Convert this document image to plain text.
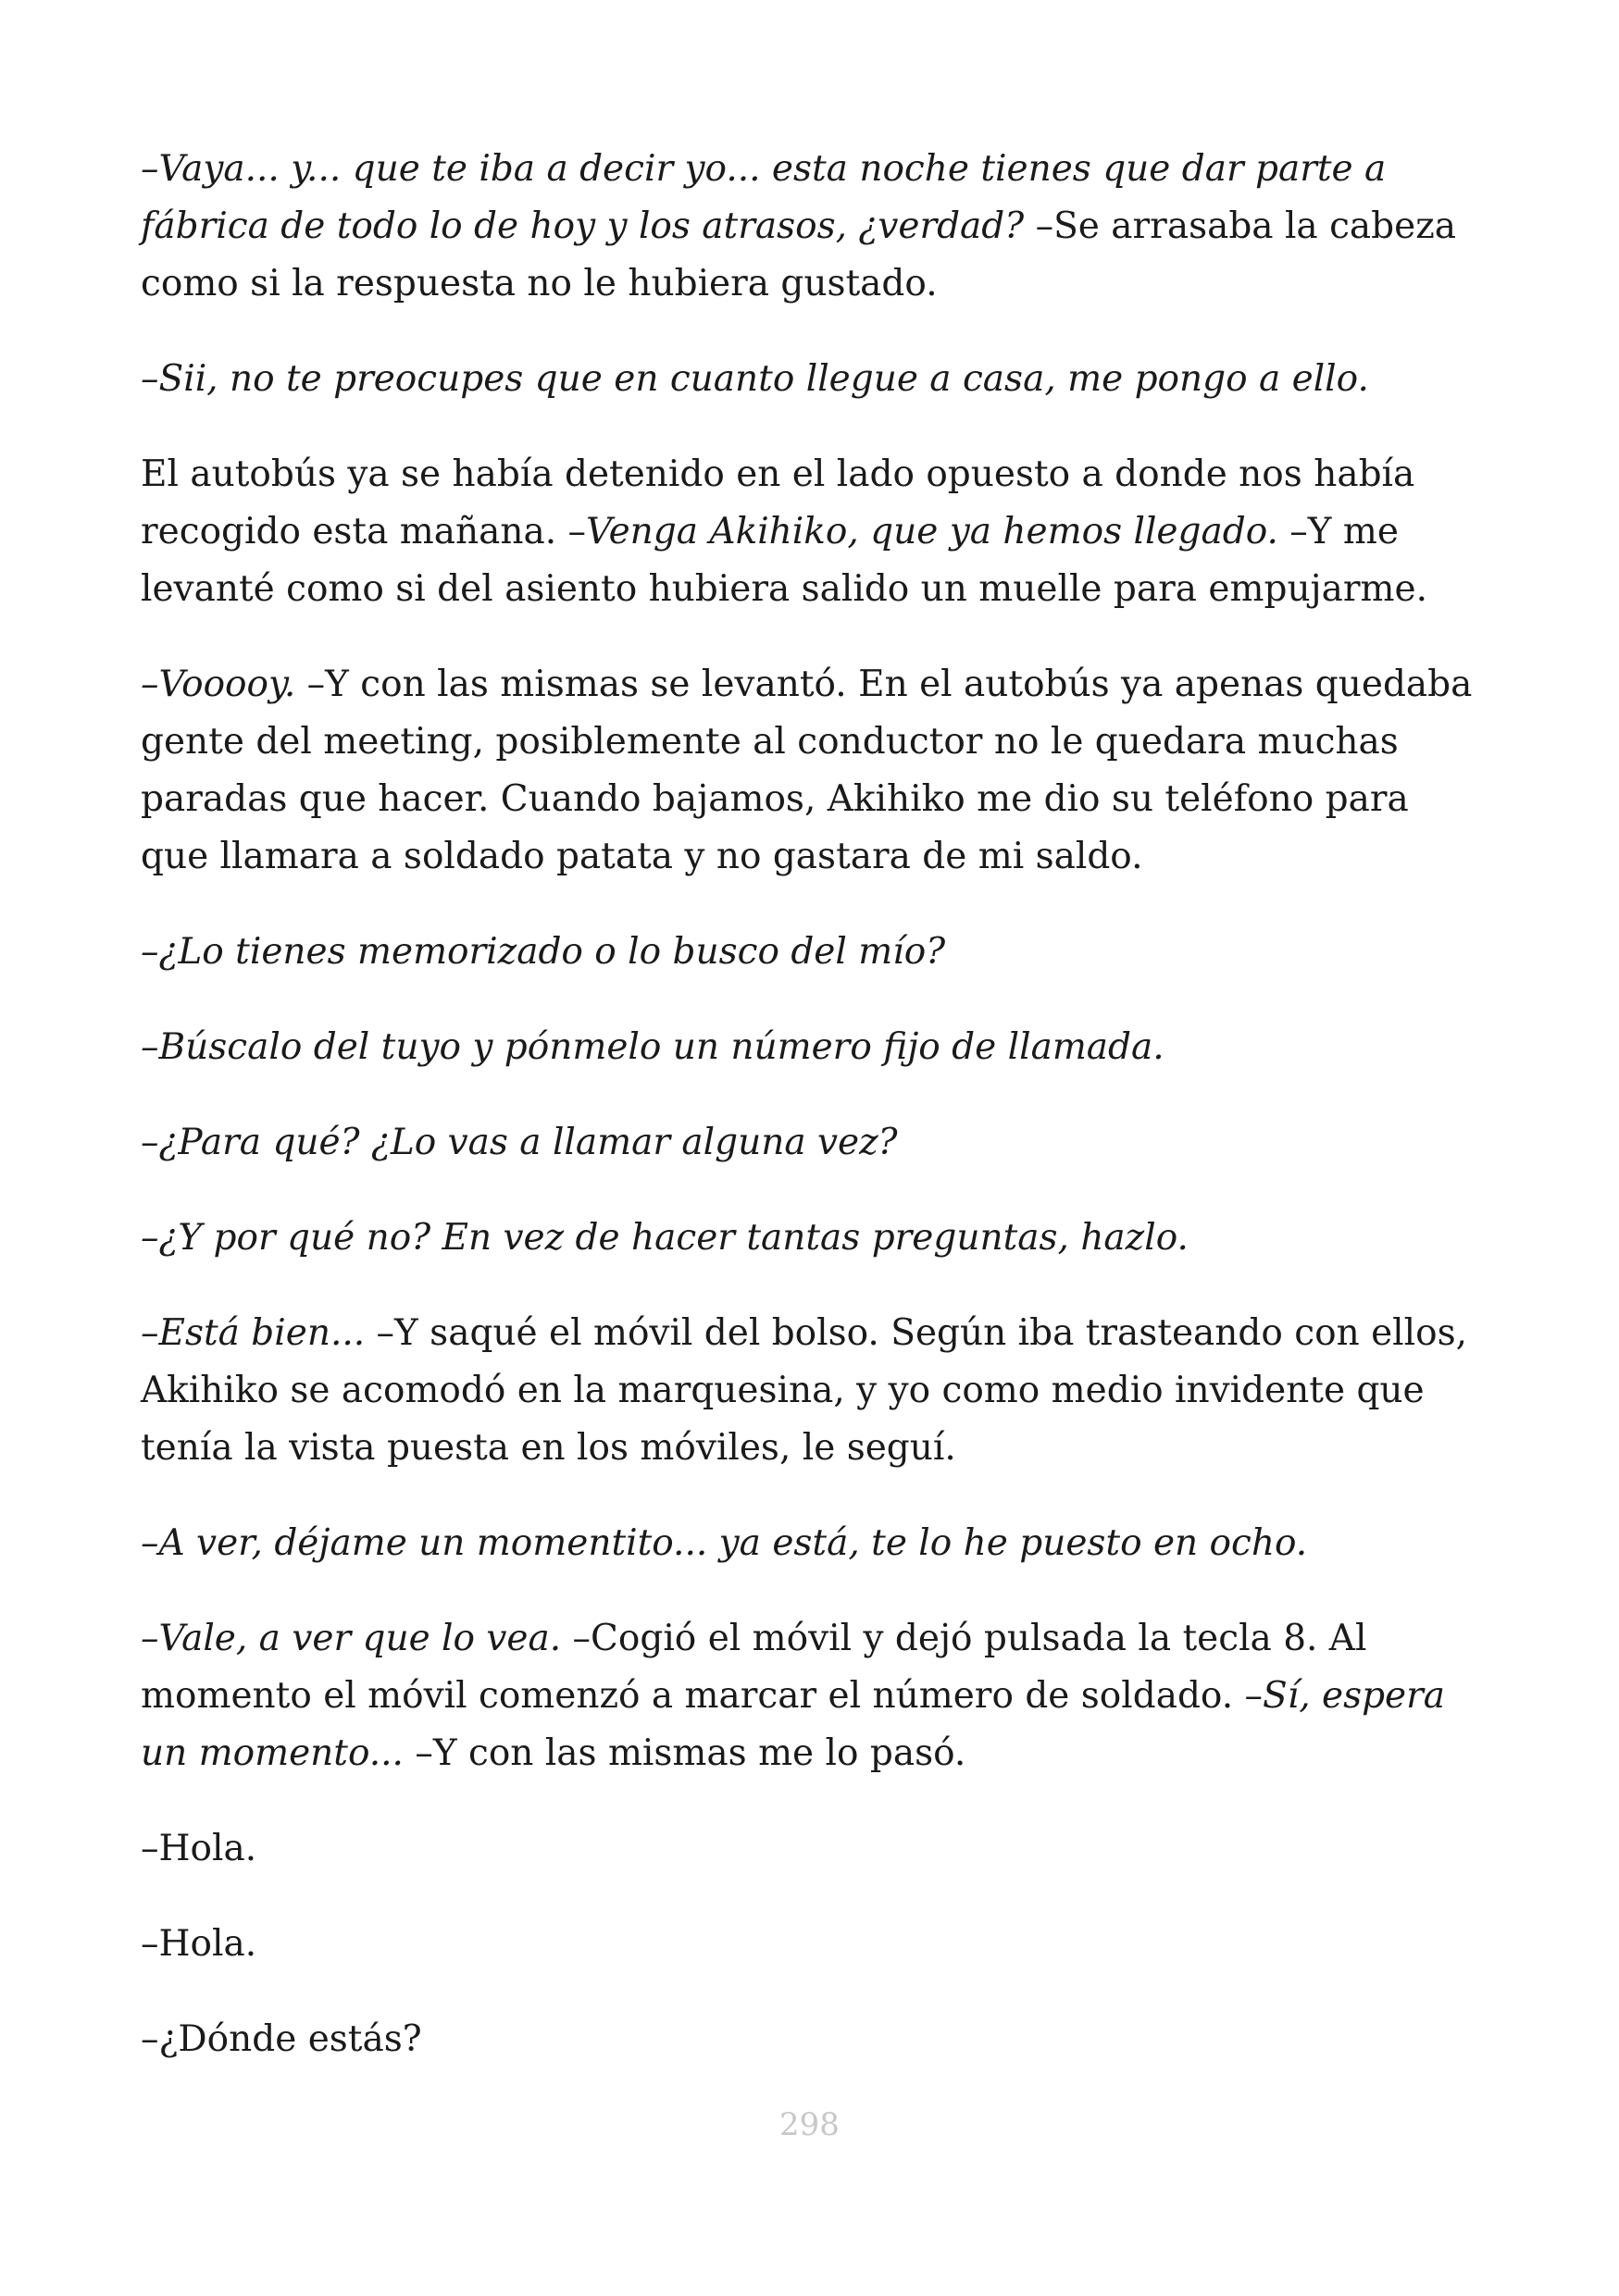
–Vaya... y... que te iba a decir yo... esta noche tienes que dar parte a fábrica de todo lo de hoy y los atrasos, ¿verdad? –Se arrasaba la cabeza como si la respuesta no le hubiera gustado.

–Sii, no te preocupes que en cuanto llegue a casa, me pongo a ello.

El autobús ya se había detenido en el lado opuesto a donde nos había recogido esta mañana. –Venga Akihiko, que ya hemos llegado. –Y me levanté como si del asiento hubiera salido un muelle para empujarme.

–Vooooy. –Y con las mismas se levantó. En el autobús ya apenas quedaba gente del meeting, posiblemente al conductor no le quedara muchas paradas que hacer. Cuando bajamos, Akihiko me dio su teléfono para que llamara a soldado patata y no gastara de mi saldo.

–¿Lo tienes memorizado o lo busco del mío?

–Búscalo del tuyo y pónmelo un número fijo de llamada.

–¿Para qué? ¿Lo vas a llamar alguna vez?

–¿Y por qué no? En vez de hacer tantas preguntas, hazlo.

–Está bien... –Y saqué el móvil del bolso. Según iba trasteando con ellos, Akihiko se acomodó en la marquesina, y yo como medio invidente que tenía la vista puesta en los móviles, le seguí.

–A ver, déjame un momentito... ya está, te lo he puesto en ocho.

–Vale, a ver que lo vea. –Cogió el móvil y dejó pulsada la tecla 8. Al momento el móvil comenzó a marcar el número de soldado. –Sí, espera un momento... –Y con las mismas me lo pasó.

–Hola.

–Hola.

–¿Dónde estás?

298
